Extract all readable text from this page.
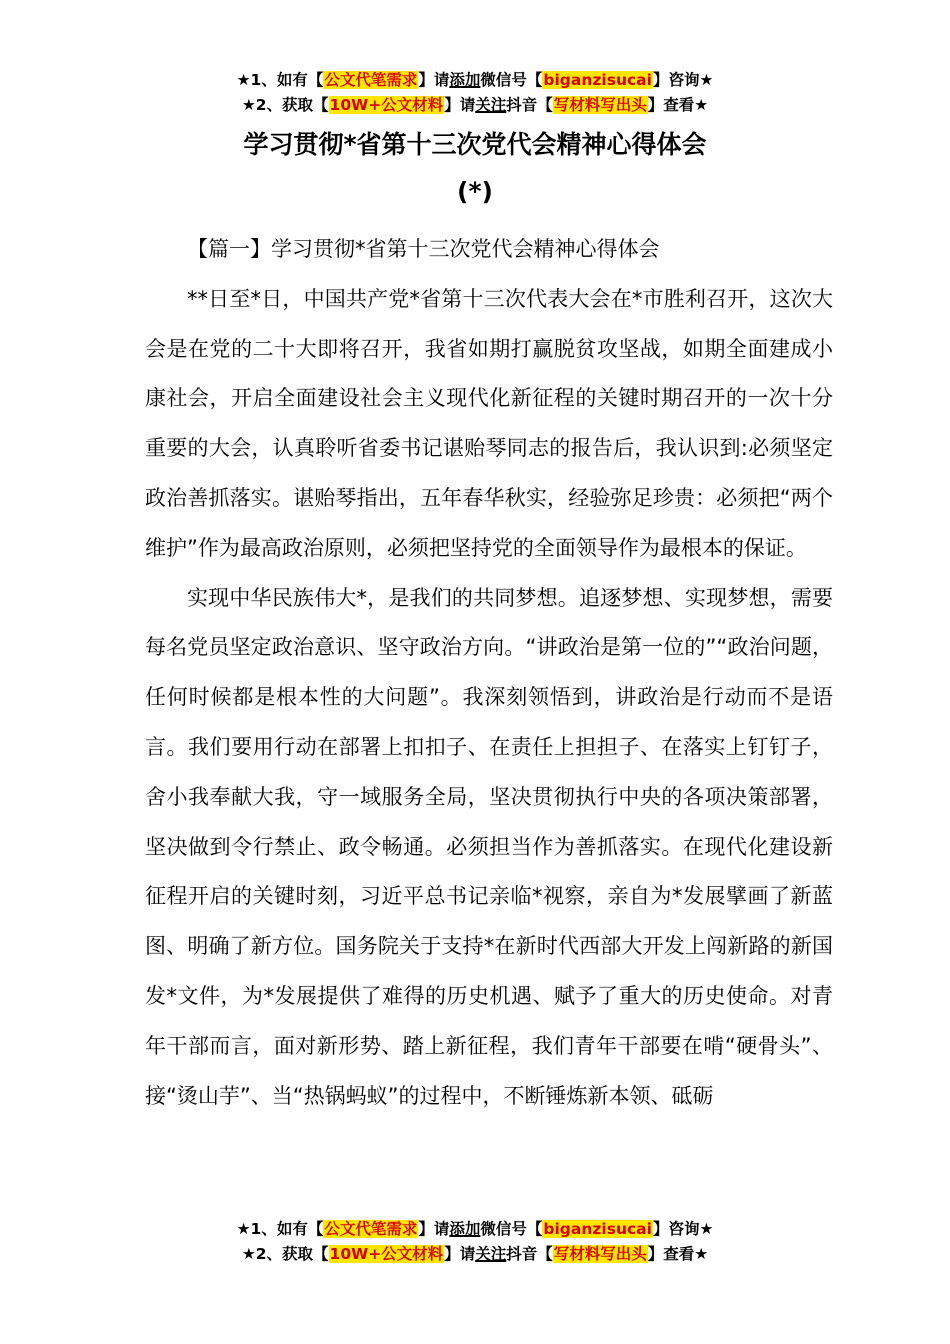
★1、如有【公文代笔需求】请添加微信号【biganzisucai】咨询★
★2、获取【10W+公文材料】请关注抖音【写材料写出头】查看★
学习贯彻*省第十三次党代会精神心得体会
(*)

【篇一】学习贯彻*省第十三次党代会精神心得体会

**日至*日，中国共产党*省第十三次代表大会在*市胜利召开，这次大会是在党的二十大即将召开，我省如期打赢脱贫攻坚战，如期全面建成小康社会，开启全面建设社会主义现代化新征程的关键时期召开的一次十分重要的大会，认真聆听省委书记谌贻琴同志的报告后，我认识到:必须坚定政治善抓落实。谌贻琴指出，五年春华秋实，经验弥足珍贵：必须把“两个维护”作为最高政治原则，必须把坚持党的全面领导作为最根本的保证。

实现中华民族伟大*，是我们的共同梦想。追逐梦想、实现梦想，需要每名党员坚定政治意识、坚守政治方向。“讲政治是第一位的”“政治问题，任何时候都是根本性的大问题”。我深刻领悟到，讲政治是行动而不是语言。我们要用行动在部署上扣扣子、在责任上担担子、在落实上钉钉子，舍小我奉献大我，守一域服务全局，坚决贯彻执行中央的各项决策部署，坚决做到令行禁止、政令畅通。必须担当作为善抓落实。在现代化建设新征程开启的关键时刻，习近平总书记亲临*视察，亲自为*发展擘画了新蓝图、明确了新方位。国务院关于支持*在新时代西部大开发上闯新路的新国发*文件，为*发展提供了难得的历史机遇、赋予了重大的历史使命。对青年干部而言，面对新形势、踏上新征程，我们青年干部要在啃“硬骨头”、接“烫山芋”、当“热锅蚂蚁”的过程中，不断锤炼新本领、砥砺

★1、如有【公文代笔需求】请添加微信号【biganzisucai】咨询★
★2、获取【10W+公文材料】请关注抖音【写材料写出头】查看★
